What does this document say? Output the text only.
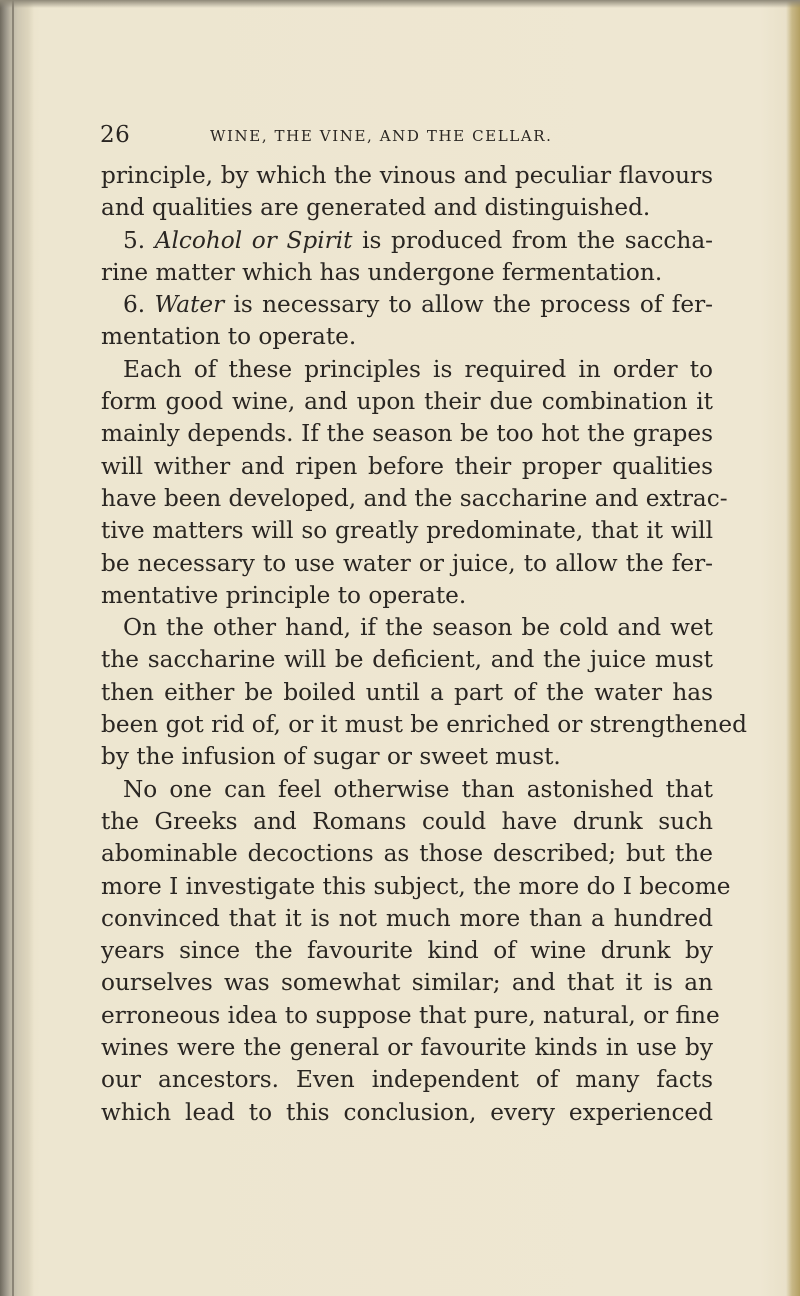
26	WINE, THE VINE, AND THE CELLAR.
principle, by which the vinous and peculiar flavours
and qualities are generated and distinguished.
5. Alcohol or Spirit is produced from the saccha-
rine matter which has undergone fermentation.
6. Water is necessary to allow the process of fer-
mentation to operate.
Each of these principles is required in order to
form good wine, and upon their due combination it
mainly depends. If the season be too hot the grapes
will wither and ripen before their proper qualities
have been developed, and the saccharine and extrac-
tive matters will so greatly predominate, that it will
be necessary to use water or juice, to allow the fer-
mentative principle to operate.
On the other hand, if the season be cold and wet
the saccharine will be deficient, and the juice must
then either be boiled until a part of the water has
been got rid of, or it must be enriched or strengthened
by the infusion of sugar or sweet must.
No one can feel otherwise than astonished that
the Greeks and Romans could have drunk such
abominable decoctions as those described; but the
more I investigate this subject, the more do I become
convinced that it is not much more than a hundred
years since the favourite kind of wine drunk by
ourselves was somewhat similar; and that it is an
erroneous idea to suppose that pure, natural, or fine
wines were the general or favourite kinds in use by
our ancestors. Even independent of many facts
which lead to this conclusion, every experienced
